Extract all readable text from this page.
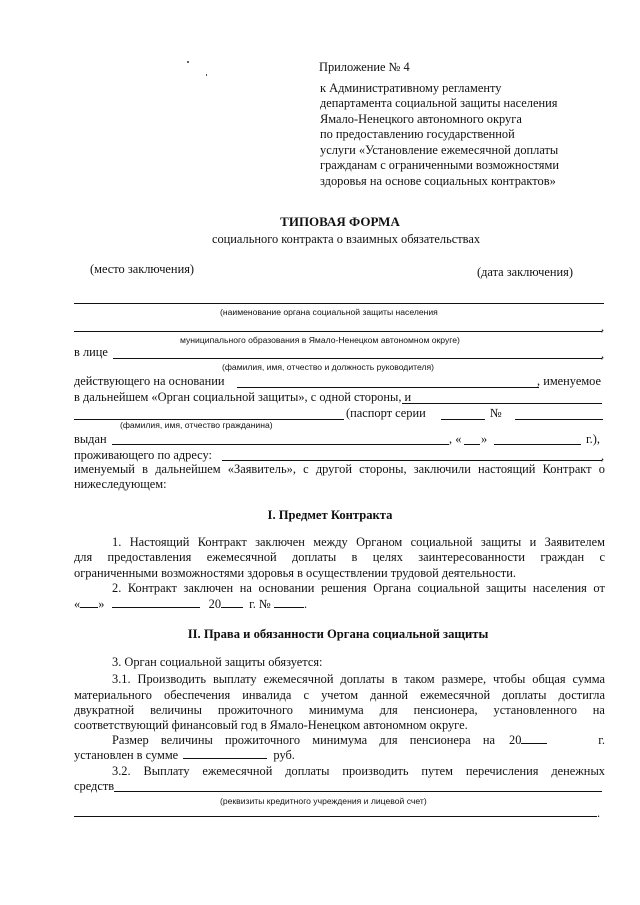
Приложение № 4
к Административному регламенту
департамента социальной защиты населения
Ямало-Ненецкого автономного округа
по предоставлению государственной
услуги «Установление ежемесячной доплаты
гражданам с ограниченными возможностями
здоровья на основе социальных контрактов»
ТИПОВАЯ ФОРМА
социального контракта о взаимных обязательствах
(место заключения)	(дата заключения)
(наименование органа социальной защиты населения
,
муниципального образования в Ямало-Ненецком автономном округе)
в лице	,
(фамилия, имя, отчество и должность руководителя)
действующего на основании	, именуемое
в дальнейшем «Орган социальной защиты», с одной стороны, и
(паспорт серии	№
(фамилия, имя, отчество гражданина)
выдан	, « »	г.),
проживающего по адресу:	,
именуемый в дальнейшем «Заявитель», с другой стороны, заключили настоящий Контракт о
нижеследующем:
I. Предмет Контракта
1. Настоящий Контракт заключен между Органом социальной защиты и Заявителем
для предоставления ежемесячной доплаты в целях заинтересованности граждан с
ограниченными возможностями здоровья в осуществлении трудовой деятельности.
2. Контракт заключен на основании решения Органа социальной защиты населения от
« »	20 г. №	.
II. Права и обязанности Органа социальной защиты
3. Орган социальной защиты обязуется:
3.1. Производить выплату ежемесячной доплаты в таком размере, чтобы общая сумма
материального обеспечения инвалида с учетом данной ежемесячной доплаты достигла
двукратной величины прожиточного минимума для пенсионера, установленного на
соответствующий финансовый год в Ямало-Ненецком автономном округе.
Размер величины прожиточного минимума для пенсионера на 20	г.
установлен в сумме	руб.
3.2. Выплату ежемесячной доплаты производить путем перечисления денежных
средств
(реквизиты кредитного учреждения и лицевой счет)
.
